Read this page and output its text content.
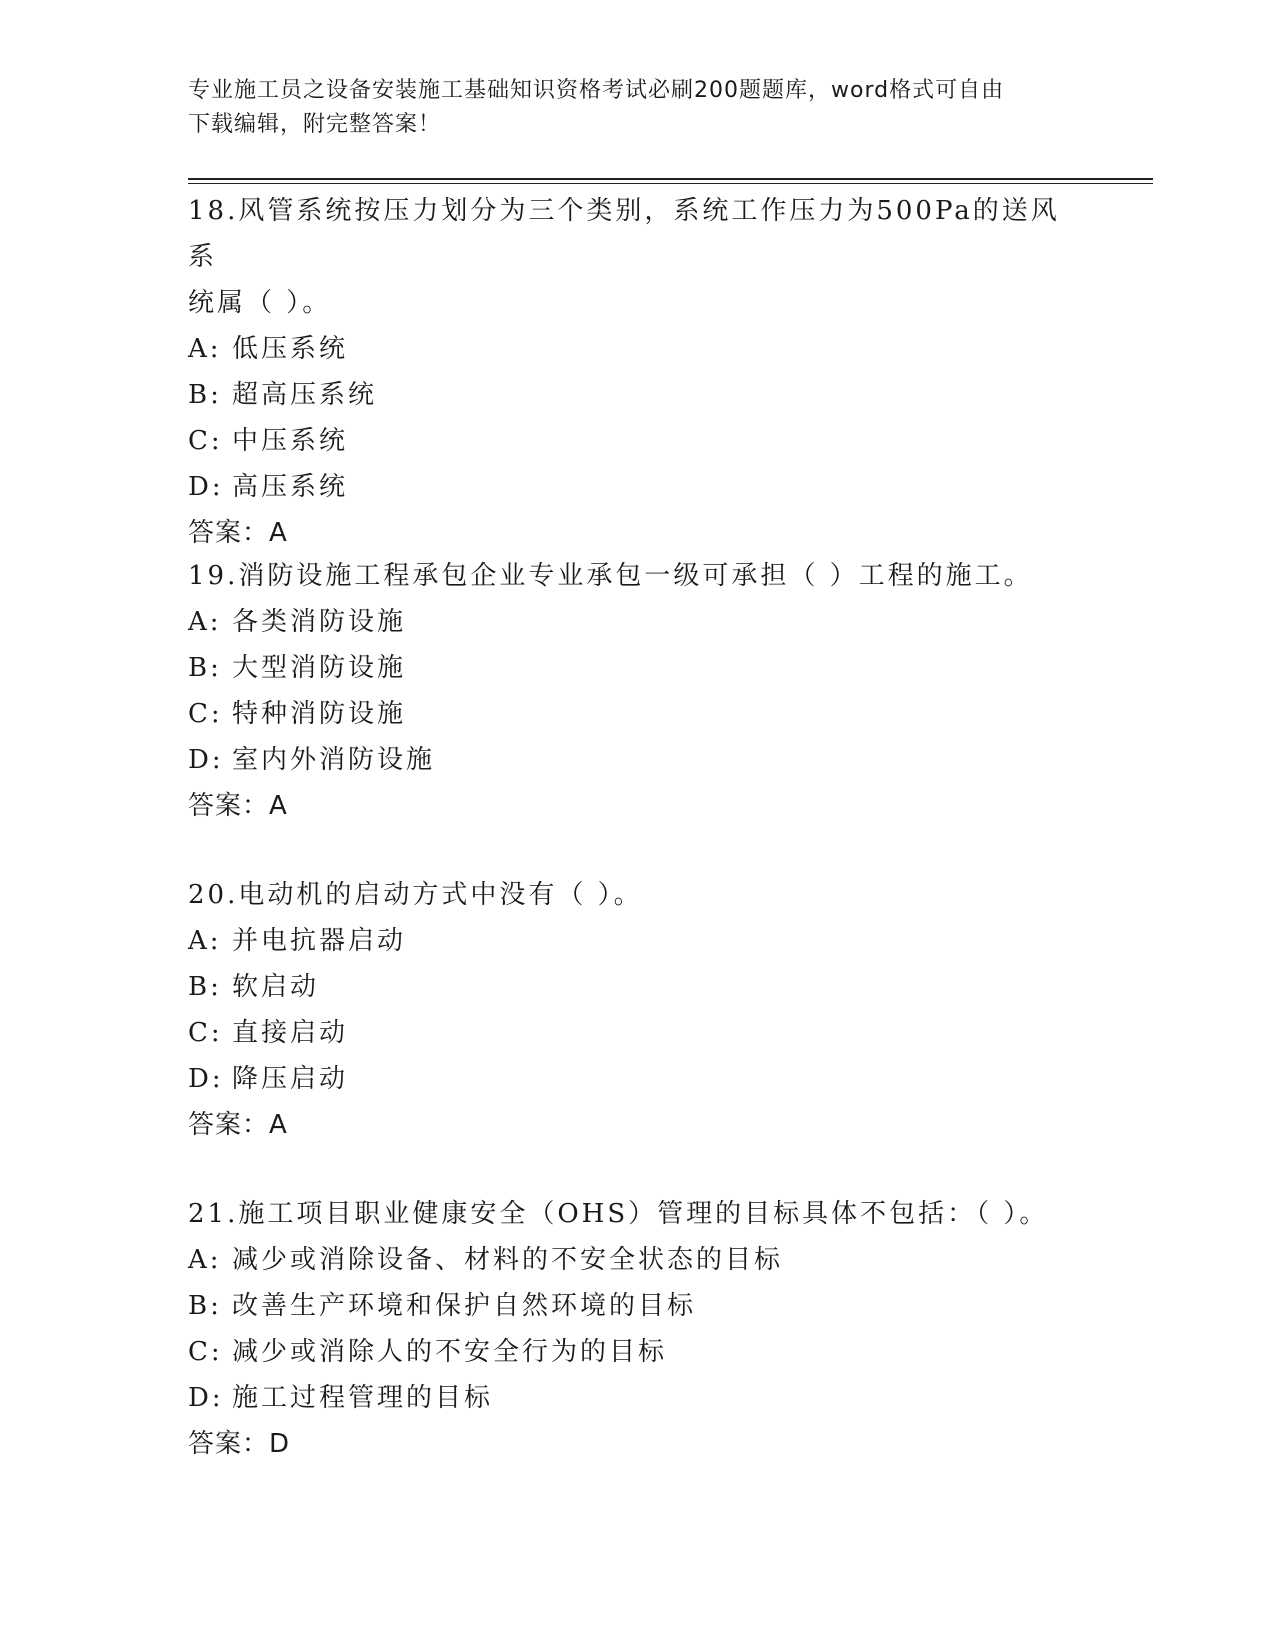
专业施工员之设备安装施工基础知识资格考试必刷200题题库，word格式可自由
下载编辑，附完整答案！
18.风管系统按压力划分为三个类别，系统工作压力为500Pa的送风系
统属（ ）。
A: 低压系统
B: 超高压系统
C: 中压系统
D: 高压系统
答案：A
19.消防设施工程承包企业专业承包一级可承担（ ）工程的施工。
A: 各类消防设施
B: 大型消防设施
C: 特种消防设施
D: 室内外消防设施
答案：A
20.电动机的启动方式中没有（ ）。
A: 并电抗器启动
B: 软启动
C: 直接启动
D: 降压启动
答案：A
21.施工项目职业健康安全（OHS）管理的目标具体不包括：（ ）。
A: 减少或消除设备、材料的不安全状态的目标
B: 改善生产环境和保护自然环境的目标
C: 减少或消除人的不安全行为的目标
D: 施工过程管理的目标
答案：D
